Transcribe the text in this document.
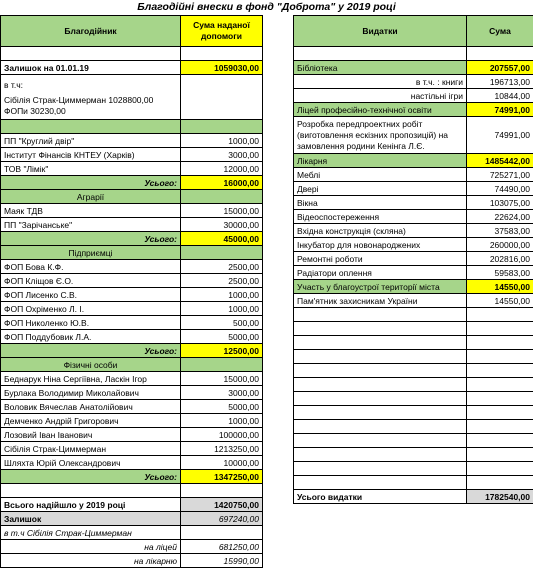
Благодійні внески в фонд "Доброта" у 2019 році
Благодійник	Сума наданої допомоги

Залишок на 01.01.19	1059030,00

в т.ч:
Сібілія Страк-Циммерман 1028800,00
ФОПи 30230,00	

ПП "Круглий двір"	1000,00
Інститут Фінансів КНТЕУ (Харків)	3000,00
ТОВ "Лімік"	12000,00
Усього:	16000,00
Аграрії	
Маяк ТДВ	15000,00
ПП "Зарічанське"	30000,00
Усього:	45000,00
Підприємці	
ФОП Бова К.Ф.	2500,00
ФОП Кліщов Є.О.	2500,00
ФОП Лисенко С.В.	1000,00
ФОП Охріменко Л. І.	1000,00
ФОП Николенко Ю.В.	500,00
ФОП Поддубовик Л.А.	5000,00
Усього:	12500,00
Фізичні особи	
Беднарук Ніна Сергіївна, Ласкін Ігор	15000,00
Бурлака Володимир Миколайович	3000,00
Воловик Вячеслав Анатолійович	5000,00
Демченко Андрій Григорович	1000,00
Лозовий Іван Іванович	100000,00
Сібілія Страк-Циммерман	1213250,00
Шляхта Юрій Олександрович	10000,00
Усього:	1347250,00

Всього надійшло у 2019 році	1420750,00
Залишок	697240,00
в т.ч Сібілія Страк-Циммерман	
на ліцей	681250,00
на лікарню	15990,00
Видатки	Сума

Бібліотека	207557,00
в т.ч. : книги	196713,00
настільні ігри	10844,00
Ліцей професійно-технічної освіти	74991,00
Розробка передпроектних робіт (виготовлення ескізних пропозицій) на замовлення родини Кенінга Л.Є.	74991,00
Лікарня	1485442,00
Меблі	725271,00
Двері	74490,00
Вікна	103075,00
Відеоспостереження	22624,00
Вхідна конструкція (скляна)	37583,00
Інкубатор для новонароджених	260000,00
Ремонтні роботи	202816,00
Радіатори оплення	59583,00
Участь у благоустрої території міста	14550,00
Пам'ятник захисникам України	14550,00

Усього видатки	1782540,00
